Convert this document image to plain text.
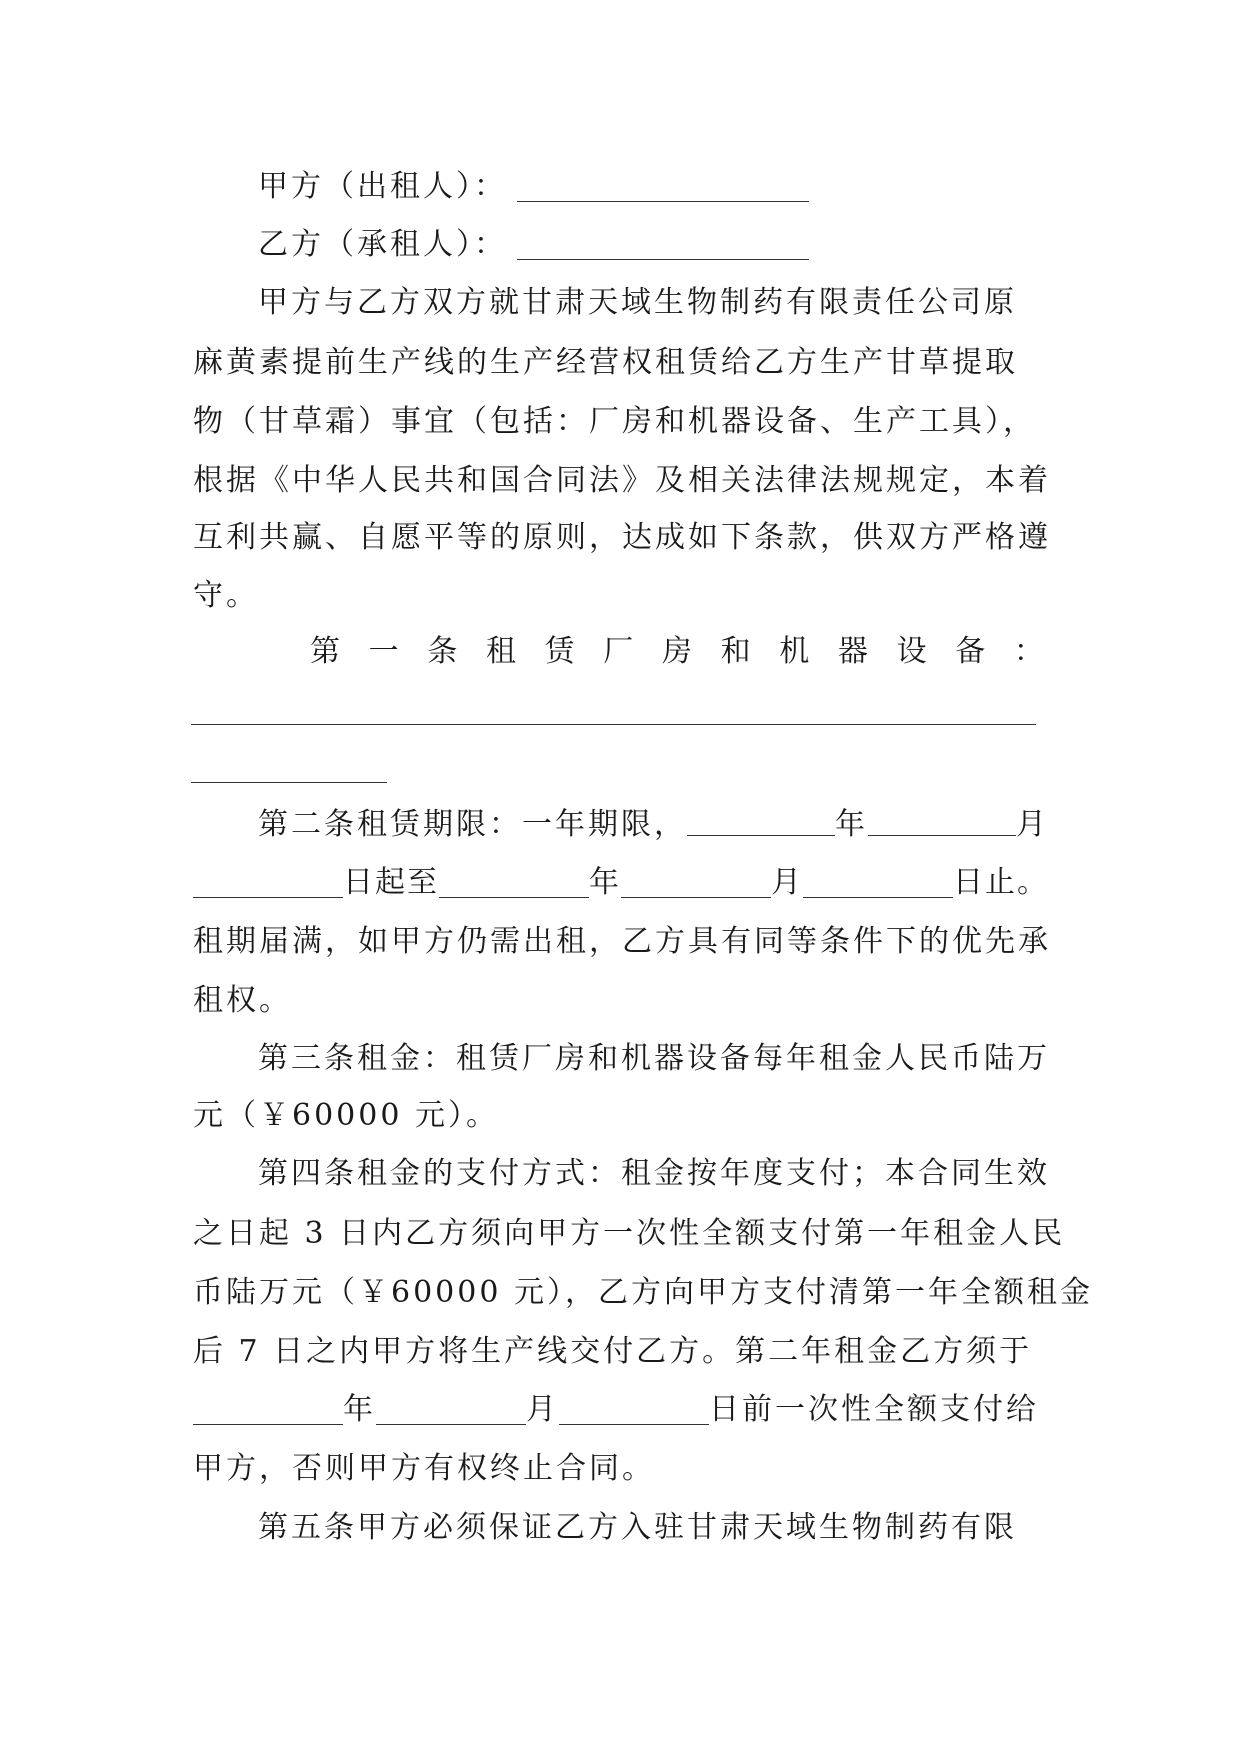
甲方（出租人）：
乙方（承租人）：
甲方与乙方双方就甘肃天域生物制药有限责任公司原
麻黄素提前生产线的生产经营权租赁给乙方生产甘草提取
物（甘草霜）事宜（包括：厂房和机器设备、生产工具），
根据《中华人民共和国合同法》及相关法律法规规定，本着
互利共赢、自愿平等的原则，达成如下条款，供双方严格遵
守。
第 一 条 租 赁 厂 房 和 机 器 设 备 ：
第二条租赁期限：一年期限，	年	月
日起至	年	月	日止。
租期届满，如甲方仍需出租，乙方具有同等条件下的优先承
租权。
第三条租金：租赁厂房和机器设备每年租金人民币陆万
元（￥60000 元）。
第四条租金的支付方式：租金按年度支付；本合同生效
之日起 3 日内乙方须向甲方一次性全额支付第一年租金人民
币陆万元（￥60000 元），乙方向甲方支付清第一年全额租金
后 7 日之内甲方将生产线交付乙方。第二年租金乙方须于
年	月	日前一次性全额支付给
甲方，否则甲方有权终止合同。
第五条甲方必须保证乙方入驻甘肃天域生物制药有限
